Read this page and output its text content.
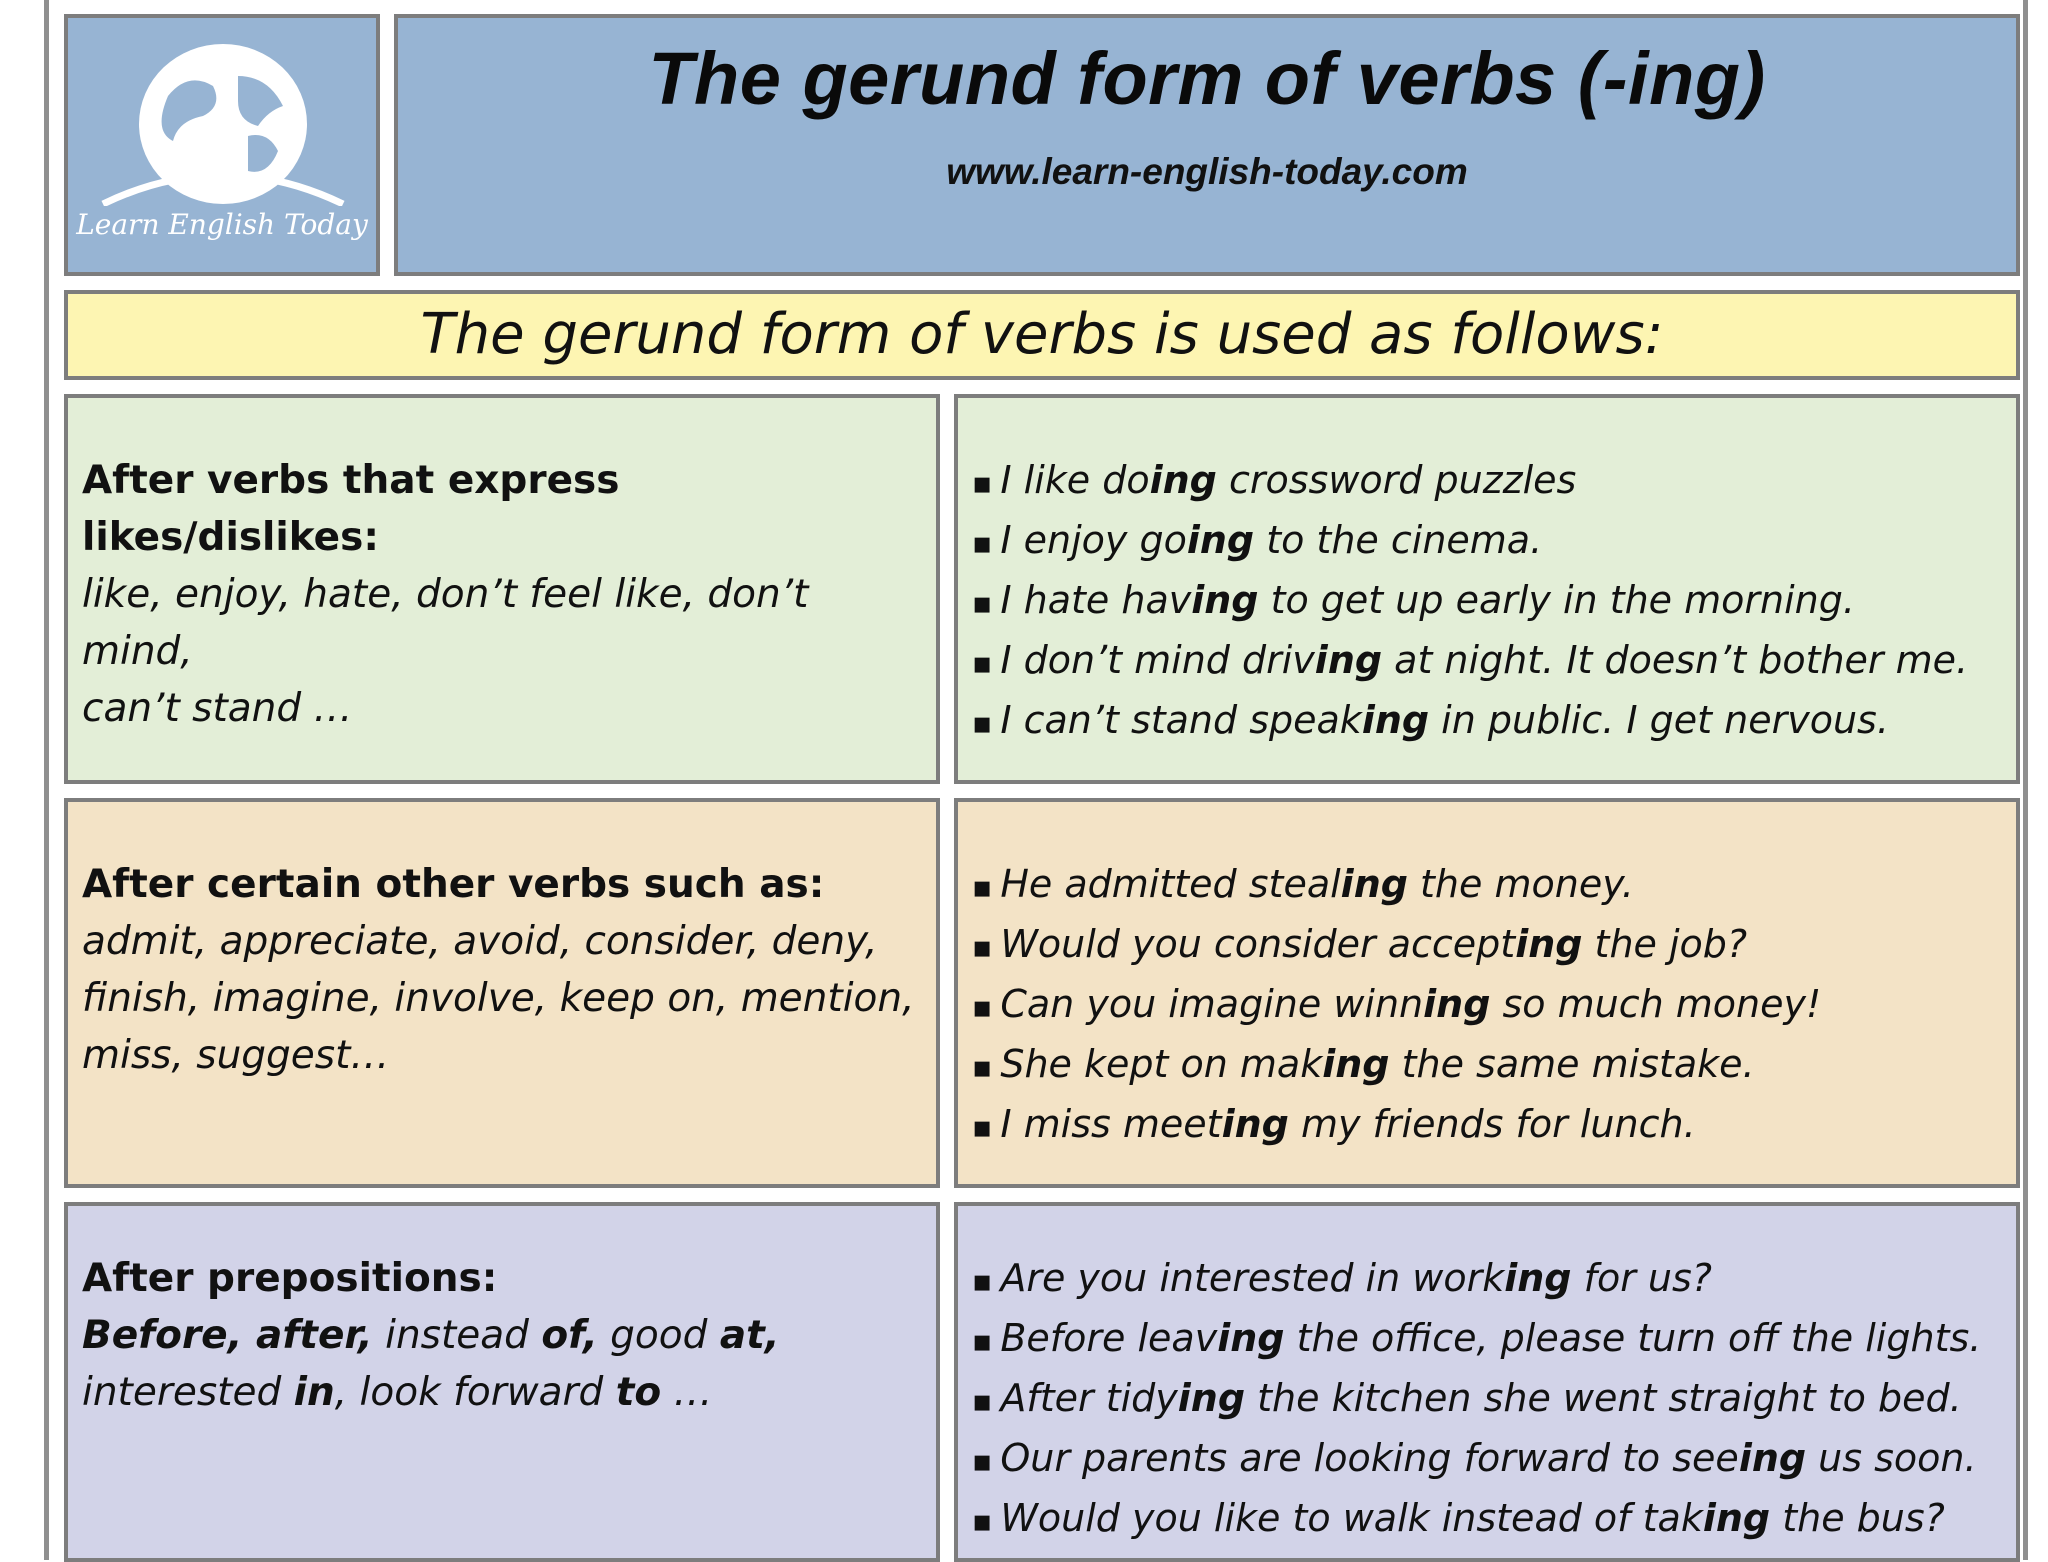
Learn English Today
The gerund form of verbs (-ing)
www.learn-english-today.com
The gerund form of verbs is used as follows:
After verbs that express likes/dislikes:
like, enjoy, hate, don’t feel like, don’t mind,
can’t stand …
▪ I like doing crossword puzzles
▪ I enjoy going to the cinema.
▪ I hate having to get up early in the morning.
▪ I don’t mind driving at night. It doesn’t bother me.
▪ I can’t stand speaking in public. I get nervous.
After certain other verbs such as:
admit, appreciate, avoid, consider, deny,
finish, imagine, involve, keep on, mention,
miss, suggest…
▪ He admitted stealing the money.
▪ Would you consider accepting the job?
▪ Can you imagine winning so much money!
▪ She kept on making the same mistake.
▪ I miss meeting my friends for lunch.
After prepositions:
Before, after, instead of, good at,
interested in, look forward to …
▪ Are you interested in working for us?
▪ Before leaving the office, please turn off the lights.
▪ After tidying the kitchen she went straight to bed.
▪ Our parents are looking forward to seeing us soon.
▪ Would you like to walk instead of taking the bus?
